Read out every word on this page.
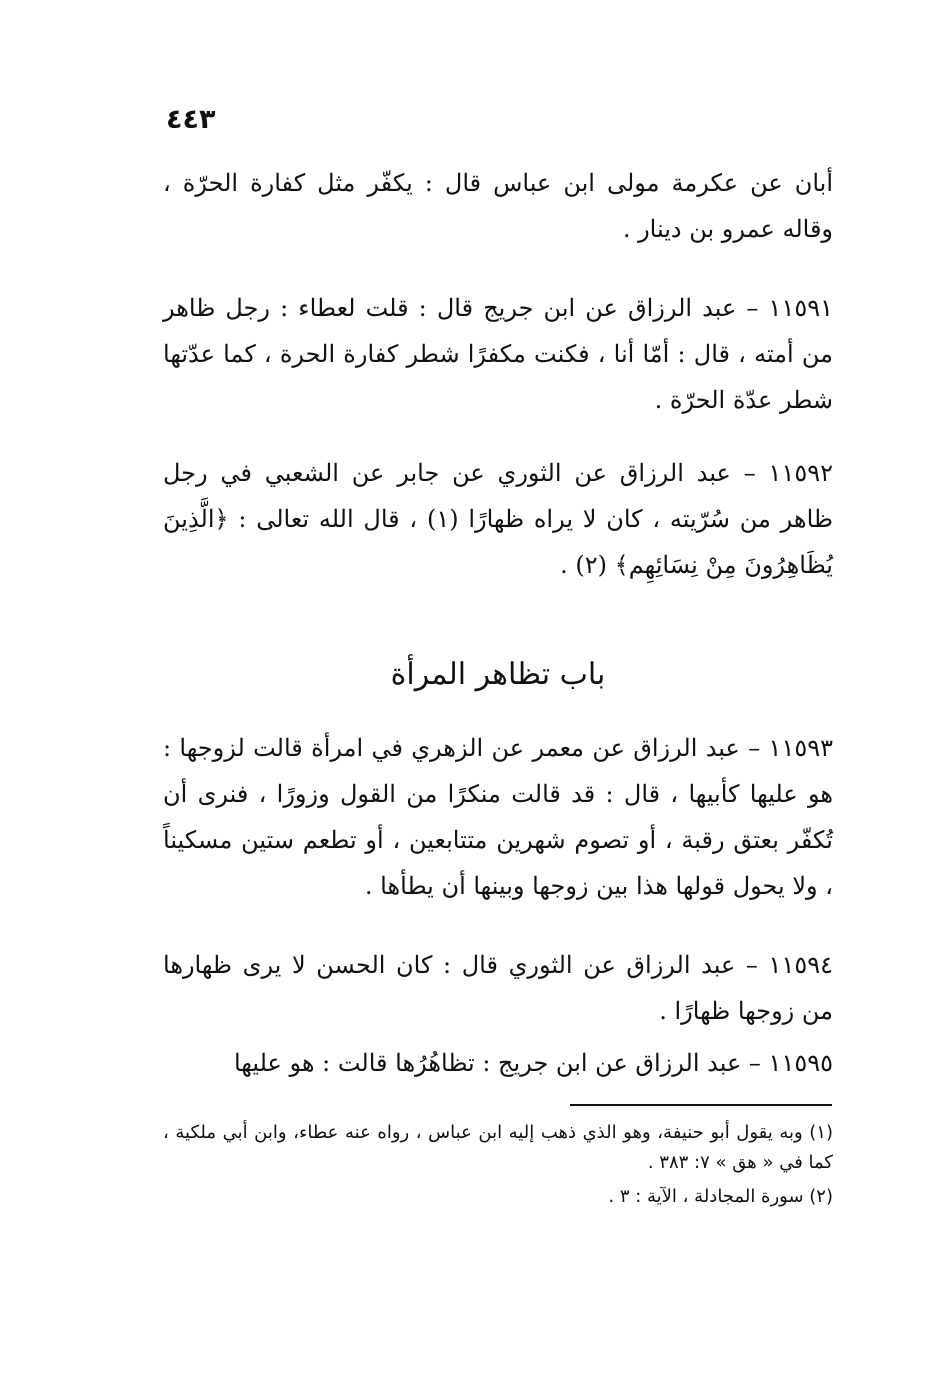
٤٤٣

أبان عن عكرمة مولى ابن عباس قال : يكفّر مثل كفارة الحرّة ، وقاله عمرو بن دينار .

١١٥٩١ – عبد الرزاق عن ابن جريج قال : قلت لعطاء : رجل ظاهر من أمته ، قال : أمّا أنا ، فكنت مكفرًا شطر كفارة الحرة ، كما عدّتها شطر عدّة الحرّة .

١١٥٩٢ – عبد الرزاق عن الثوري عن جابر عن الشعبي في رجل ظاهر من سُرّيته ، كان لا يراه ظهارًا (١) ، قال الله تعالى : ﴿الَّذِينَ يُظَاهِرُونَ مِنْ نِسَائِهِم﴾ (٢) .

باب تظاهر المرأة

١١٥٩٣ – عبد الرزاق عن معمر عن الزهري في امرأة قالت لزوجها : هو عليها كأبيها ، قال : قد قالت منكرًا من القول وزورًا ، فنرى أن تُكفّر بعتق رقبة ، أو تصوم شهرين متتابعين ، أو تطعم ستين مسكيناً ، ولا يحول قولها هذا بين زوجها وبينها أن يطأها .

١١٥٩٤ – عبد الرزاق عن الثوري قال : كان الحسن لا يرى ظهارها من زوجها ظهارًا .

١١٥٩٥ – عبد الرزاق عن ابن جريج : تظاهُرُها قالت : هو عليها

(١) وبه يقول أبو حنيفة، وهو الذي ذهب إليه ابن عباس ، رواه عنه عطاء، وابن أبي ملكية ، كما في « هق » ٧: ٣٨٣ .

(٢) سورة المجادلة ، الآية : ٣ .
